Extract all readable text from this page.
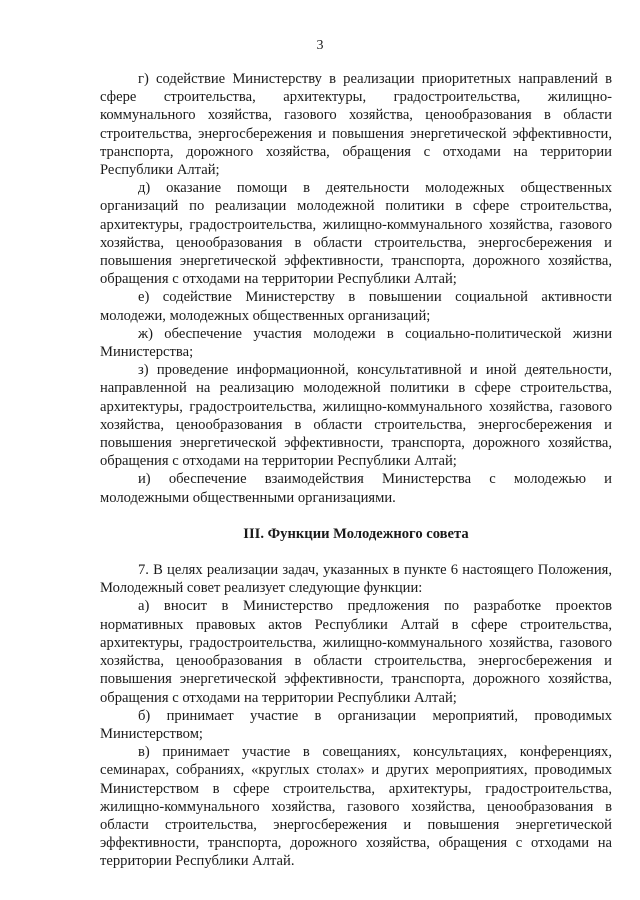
3

г) содействие Министерству в реализации приоритетных направлений в сфере строительства, архитектуры, градостроительства, жилищно-коммунального хозяйства, газового хозяйства, ценообразования в области строительства, энергосбережения и повышения энергетической эффективности, транспорта, дорожного хозяйства, обращения с отходами на территории Республики Алтай;

д) оказание помощи в деятельности молодежных общественных организаций по реализации молодежной политики в сфере строительства, архитектуры, градостроительства, жилищно-коммунального хозяйства, газового хозяйства, ценообразования в области строительства, энергосбережения и повышения энергетической эффективности, транспорта, дорожного хозяйства, обращения с отходами на территории Республики Алтай;

е) содействие Министерству в повышении социальной активности молодежи, молодежных общественных организаций;

ж) обеспечение участия молодежи в социально-политической жизни Министерства;

з) проведение информационной, консультативной и иной деятельности, направленной на реализацию молодежной политики в сфере строительства, архитектуры, градостроительства, жилищно-коммунального хозяйства, газового хозяйства, ценообразования в области строительства, энергосбережения и повышения энергетической эффективности, транспорта, дорожного хозяйства, обращения с отходами на территории Республики Алтай;

и) обеспечение взаимодействия Министерства с молодежью и молодежными общественными организациями.

III. Функции Молодежного совета

7. В целях реализации задач, указанных в пункте 6 настоящего Положения, Молодежный совет реализует следующие функции:

а) вносит в Министерство предложения по разработке проектов нормативных правовых актов Республики Алтай в сфере строительства, архитектуры, градостроительства, жилищно-коммунального хозяйства, газового хозяйства, ценообразования в области строительства, энергосбережения и повышения энергетической эффективности, транспорта, дорожного хозяйства, обращения с отходами на территории Республики Алтай;

б) принимает участие в организации мероприятий, проводимых Министерством;

в) принимает участие в совещаниях, консультациях, конференциях, семинарах, собраниях, «круглых столах» и других мероприятиях, проводимых Министерством в сфере строительства, архитектуры, градостроительства, жилищно-коммунального хозяйства, газового хозяйства, ценообразования в области строительства, энергосбережения и повышения энергетической эффективности, транспорта, дорожного хозяйства, обращения с отходами на территории Республики Алтай.
